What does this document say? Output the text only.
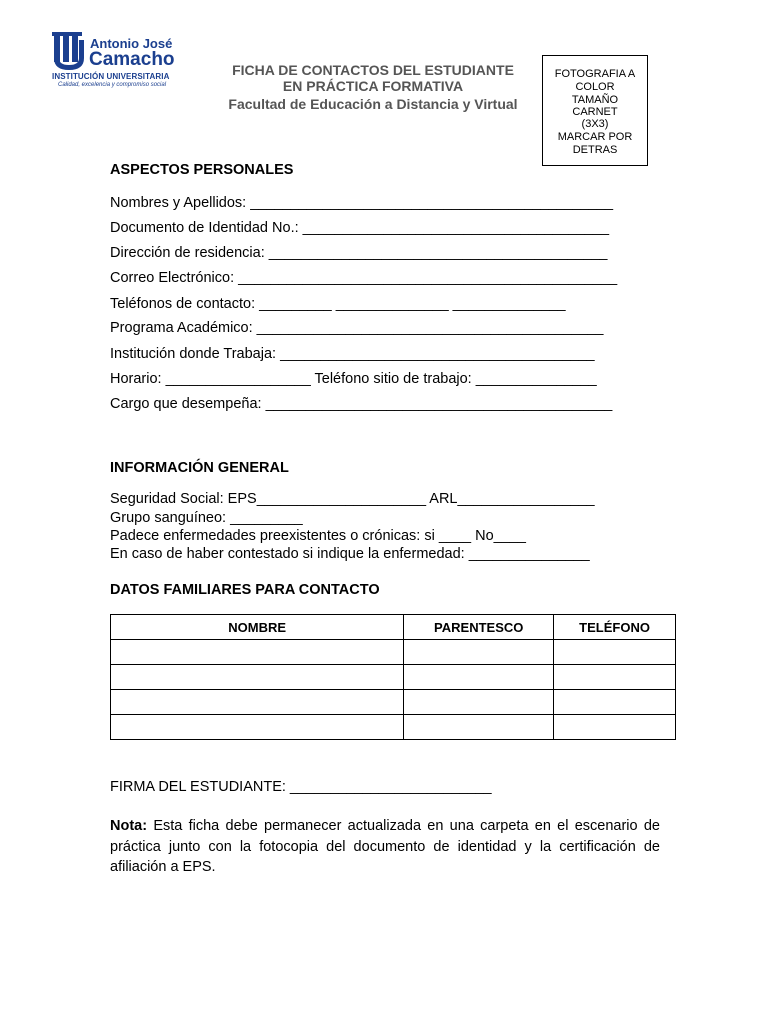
Antonio José
Camacho
INSTITUCIÓN UNIVERSITARIA
Calidad, excelencia y compromiso social
FICHA DE CONTACTOS DEL ESTUDIANTE
EN PRÁCTICA FORMATIVA
Facultad de Educación a Distancia y Virtual
FOTOGRAFIA A
COLOR
TAMAÑO
CARNET
(3X3)
MARCAR POR
DETRAS
ASPECTOS PERSONALES
Nombres y Apellidos: _____________________________________________
Documento de Identidad No.: ______________________________________
Dirección de residencia: __________________________________________
Correo Electrónico: _______________________________________________
Teléfonos de contacto: _________ ______________ ______________
Programa Académico: ___________________________________________
Institución donde Trabaja: _______________________________________
Horario: __________________ Teléfono sitio de trabajo: _______________
Cargo que desempeña: ___________________________________________
INFORMACIÓN GENERAL
Seguridad Social: EPS_____________________ ARL_________________
Grupo sanguíneo: _________
Padece enfermedades preexistentes o crónicas: si ____ No____
En caso de haber contestado si indique la enfermedad: _______________
DATOS FAMILIARES PARA CONTACTO
NOMBRE	PARENTESCO	TELÉFONO

FIRMA DEL ESTUDIANTE: _________________________
Nota: Esta ficha debe permanecer actualizada en una carpeta en el escenario de práctica junto con la fotocopia del documento de identidad y la certificación de afiliación a EPS.
